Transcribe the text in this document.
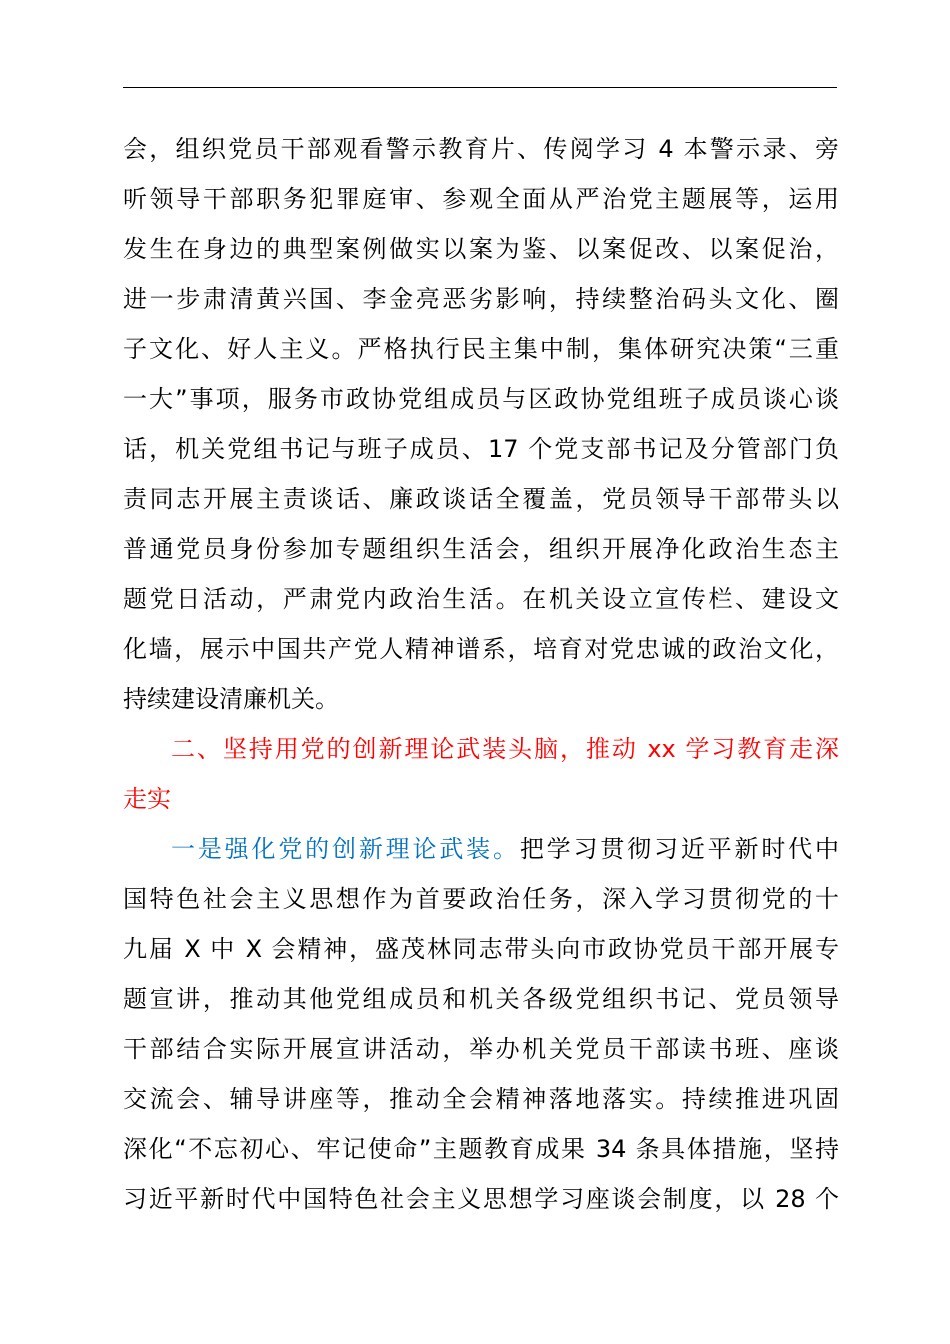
会，组织党员干部观看警示教育片、传阅学习 4 本警示录、旁
听领导干部职务犯罪庭审、参观全面从严治党主题展等，运用
发生在身边的典型案例做实以案为鉴、以案促改、以案促治，
进一步肃清黄兴国、李金亮恶劣影响，持续整治码头文化、圈
子文化、好人主义。严格执行民主集中制，集体研究决策“三重
一大”事项，服务市政协党组成员与区政协党组班子成员谈心谈
话，机关党组书记与班子成员、17 个党支部书记及分管部门负
责同志开展主责谈话、廉政谈话全覆盖，党员领导干部带头以
普通党员身份参加专题组织生活会，组织开展净化政治生态主
题党日活动，严肃党内政治生活。在机关设立宣传栏、建设文
化墙，展示中国共产党人精神谱系，培育对党忠诚的政治文化，
持续建设清廉机关。
二、坚持用党的创新理论武装头脑，推动 xx 学习教育走深
走实
一是强化党的创新理论武装。把学习贯彻习近平新时代中
国特色社会主义思想作为首要政治任务，深入学习贯彻党的十
九届 X 中 X 会精神，盛茂林同志带头向市政协党员干部开展专
题宣讲，推动其他党组成员和机关各级党组织书记、党员领导
干部结合实际开展宣讲活动，举办机关党员干部读书班、座谈
交流会、辅导讲座等，推动全会精神落地落实。持续推进巩固
深化“不忘初心、牢记使命”主题教育成果 34 条具体措施，坚持
习近平新时代中国特色社会主义思想学习座谈会制度，以 28 个
